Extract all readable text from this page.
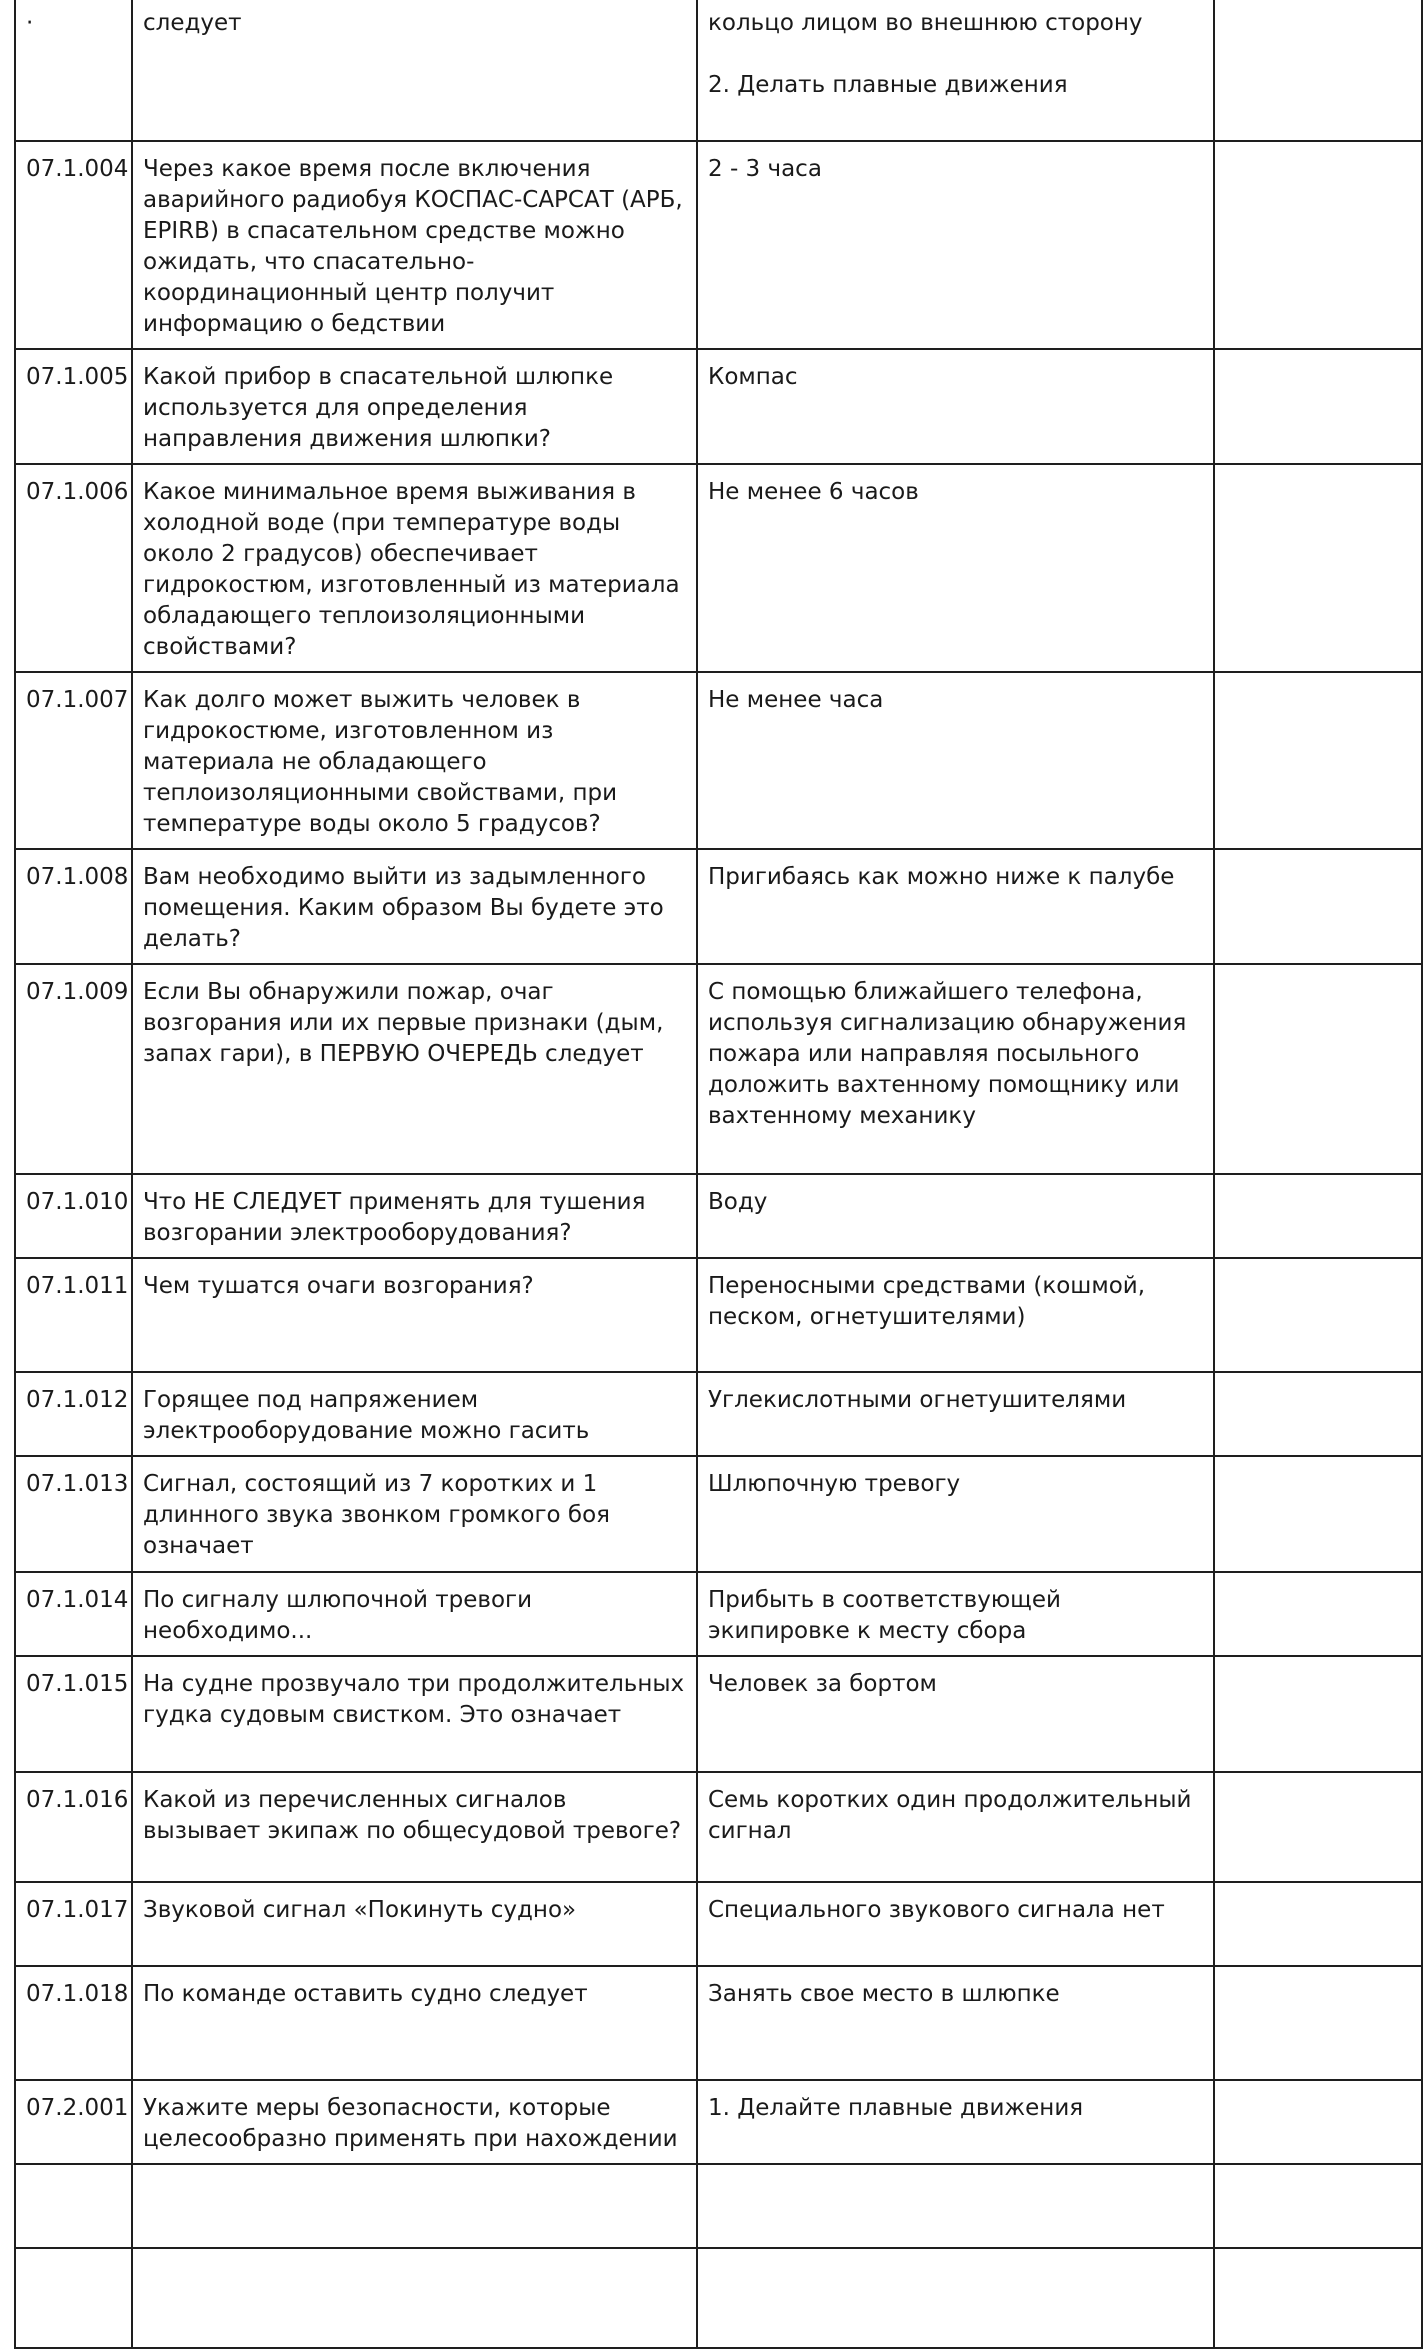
·	следует	кольцо лицом во внешнюю сторону
2. Делать плавные движения	

07.1.004	Через какое время после включения аварийного радиобуя КОСПАС-САРСАТ (АРБ, EPIRB) в спасательном средстве можно ожидать, что спасательно-координационный центр получит информацию о бедствии	2 - 3 часа	
07.1.005	Какой прибор в спасательной шлюпке используется для определения направления движения шлюпки?	Компас	
07.1.006	Какое минимальное время выживания в холодной воде (при температуре воды около 2 градусов) обеспечивает гидрокостюм, изготовленный из материала обладающего теплоизоляционными свойствами?	Не менее 6 часов	
07.1.007	Как долго может выжить человек в гидрокостюме, изготовленном из материала не обладающего теплоизоляционными свойствами, при температуре воды около 5 градусов?	Не менее часа	
07.1.008	Вам необходимо выйти из задымленного помещения. Каким образом Вы будете это делать?	Пригибаясь как можно ниже к палубе	
07.1.009	Если Вы обнаружили пожар, очаг возгорания или их первые признаки (дым, запах гари), в ПЕРВУЮ ОЧЕРЕДЬ следует	С помощью ближайшего телефона, используя сигнализацию обнаружения пожара или направляя посыльного доложить вахтенному помощнику или вахтенному механику	
07.1.010	Что НЕ СЛЕДУЕТ применять для тушения возгорании электрооборудования?	Воду	
07.1.011	Чем тушатся очаги возгорания?	Переносными средствами (кошмой, песком, огнетушителями)	
07.1.012	Горящее под напряжением электрооборудование можно гасить	Углекислотными огнетушителями	
07.1.013	Сигнал, состоящий из 7 коротких и 1 длинного звука звонком громкого боя означает	Шлюпочную тревогу	
07.1.014	По сигналу шлюпочной тревоги необходимо...	Прибыть в соответствующей экипировке к месту сбора	
07.1.015	На судне прозвучало три продолжительных гудка судовым свистком. Это означает	Человек за бортом	
07.1.016	Какой из перечисленных сигналов вызывает экипаж по общесудовой тревоге?	Семь коротких один продолжительный сигнал	
07.1.017	Звуковой сигнал «Покинуть судно»	Специального звукового сигнала нет	
07.1.018	По команде оставить судно следует	Занять свое место в шлюпке	
07.2.001	Укажите меры безопасности, которые целесообразно применять при нахождении	1. Делайте плавные движения	
